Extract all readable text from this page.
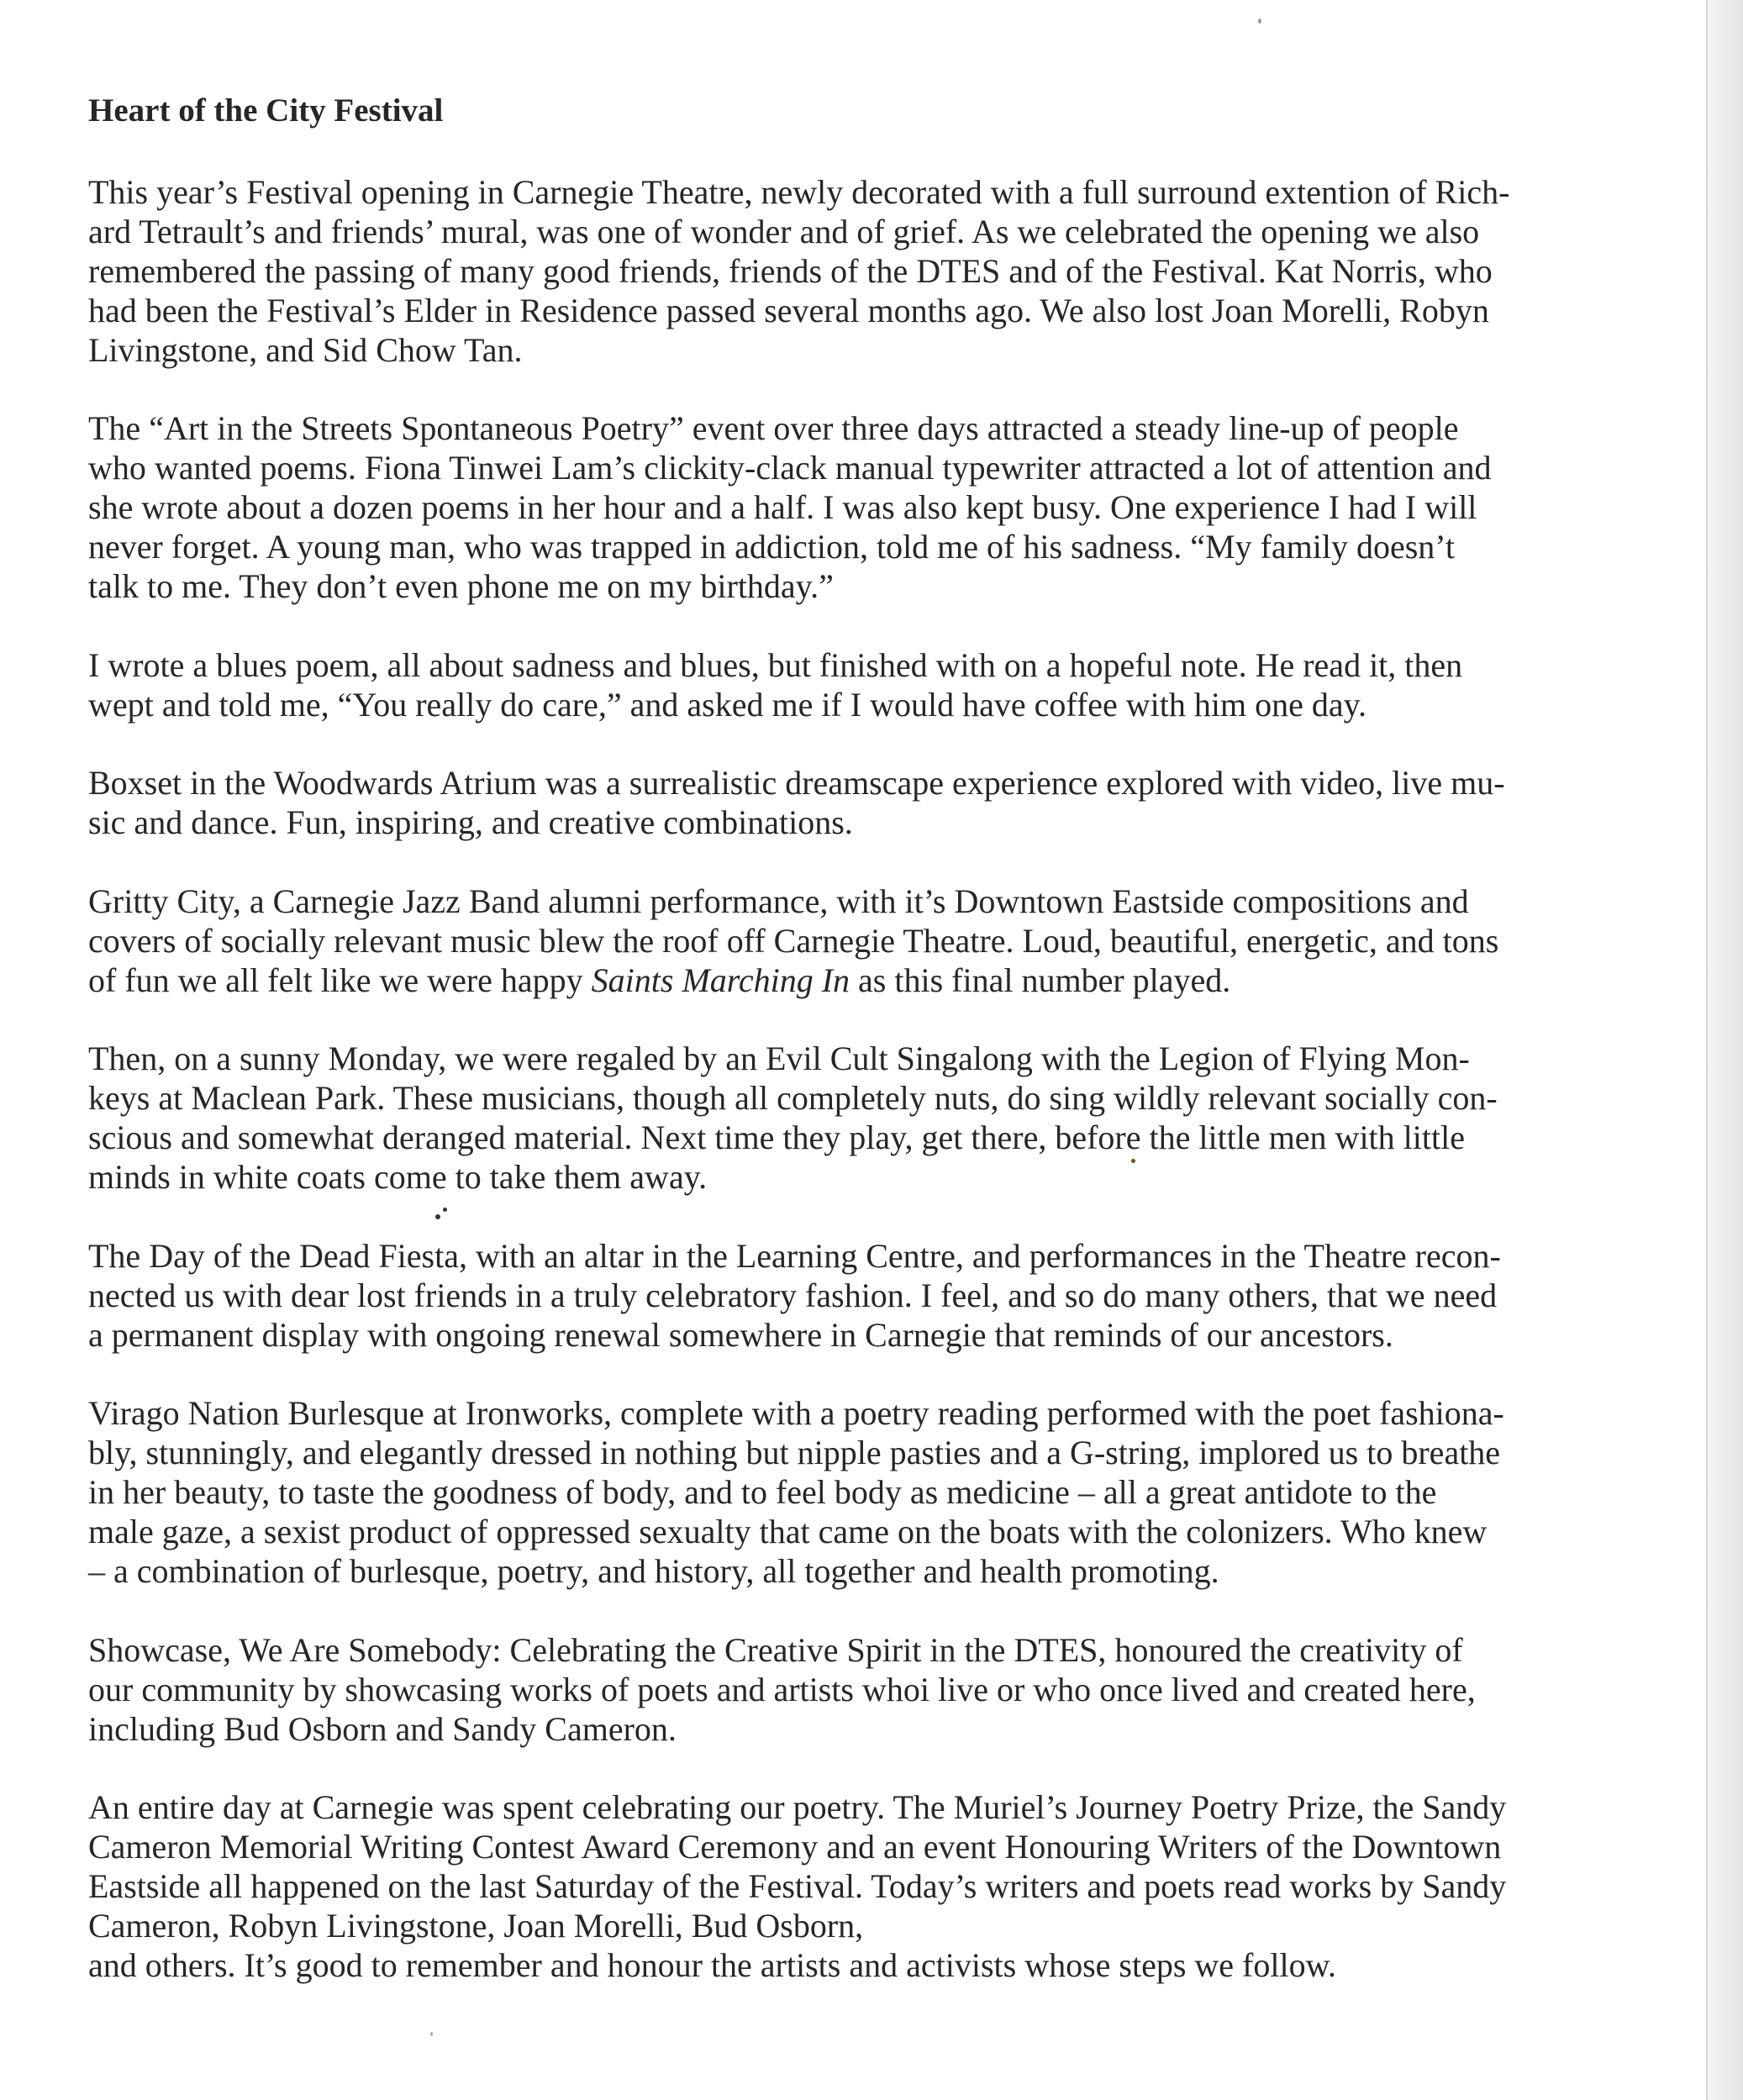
Heart of the City Festival

This year’s Festival opening in Carnegie Theatre, newly decorated with a full surround extention of Rich-
ard Tetrault’s and friends’ mural, was one of wonder and of grief. As we celebrated the opening we also
remembered the passing of many good friends, friends of the DTES and of the Festival. Kat Norris, who
had been the Festival’s Elder in Residence passed several months ago. We also lost Joan Morelli, Robyn
Livingstone, and Sid Chow Tan.

The “Art in the Streets Spontaneous Poetry” event over three days attracted a steady line-up of people
who wanted poems. Fiona Tinwei Lam’s clickity-clack manual typewriter attracted a lot of attention and
she wrote about a dozen poems in her hour and a half. I was also kept busy. One experience I had I will
never forget. A young man, who was trapped in addiction, told me of his sadness. “My family doesn’t
talk to me. They don’t even phone me on my birthday.”

I wrote a blues poem, all about sadness and blues, but finished with on a hopeful note. He read it, then
wept and told me, “You really do care,” and asked me if I would have coffee with him one day.

Boxset in the Woodwards Atrium was a surrealistic dreamscape experience explored with video, live mu-
sic and dance. Fun, inspiring, and creative combinations.

Gritty City, a Carnegie Jazz Band alumni performance, with it’s Downtown Eastside compositions and
covers of socially relevant music blew the roof off Carnegie Theatre. Loud, beautiful, energetic, and tons
of fun we all felt like we were happy Saints Marching In as this final number played.

Then, on a sunny Monday, we were regaled by an Evil Cult Singalong with the Legion of Flying Mon-
keys at Maclean Park. These musicians, though all completely nuts, do sing wildly relevant socially con-
scious and somewhat deranged material. Next time they play, get there, before the little men with little
minds in white coats come to take them away.

The Day of the Dead Fiesta, with an altar in the Learning Centre, and performances in the Theatre recon-
nected us with dear lost friends in a truly celebratory fashion. I feel, and so do many others, that we need
a permanent display with ongoing renewal somewhere in Carnegie that reminds of our ancestors.

Virago Nation Burlesque at Ironworks, complete with a poetry reading performed with the poet fashiona-
bly, stunningly, and elegantly dressed in nothing but nipple pasties and a G-string, implored us to breathe
in her beauty, to taste the goodness of body, and to feel body as medicine – all a great antidote to the
male gaze, a sexist product of oppressed sexualty that came on the boats with the colonizers. Who knew
– a combination of burlesque, poetry, and history, all together and health promoting.

Showcase, We Are Somebody: Celebrating the Creative Spirit in the DTES, honoured the creativity of
our community by showcasing works of poets and artists whoi live or who once lived and created here,
including Bud Osborn and Sandy Cameron.

An entire day at Carnegie was spent celebrating our poetry. The Muriel’s Journey Poetry Prize, the Sandy
Cameron Memorial Writing Contest Award Ceremony and an event Honouring Writers of the Downtown
Eastside all happened on the last Saturday of the Festival. Today’s writers and poets read works by Sandy
Cameron, Robyn Livingstone, Joan Morelli, Bud Osborn,
and others. It’s good to remember and honour the artists and activists whose steps we follow.
